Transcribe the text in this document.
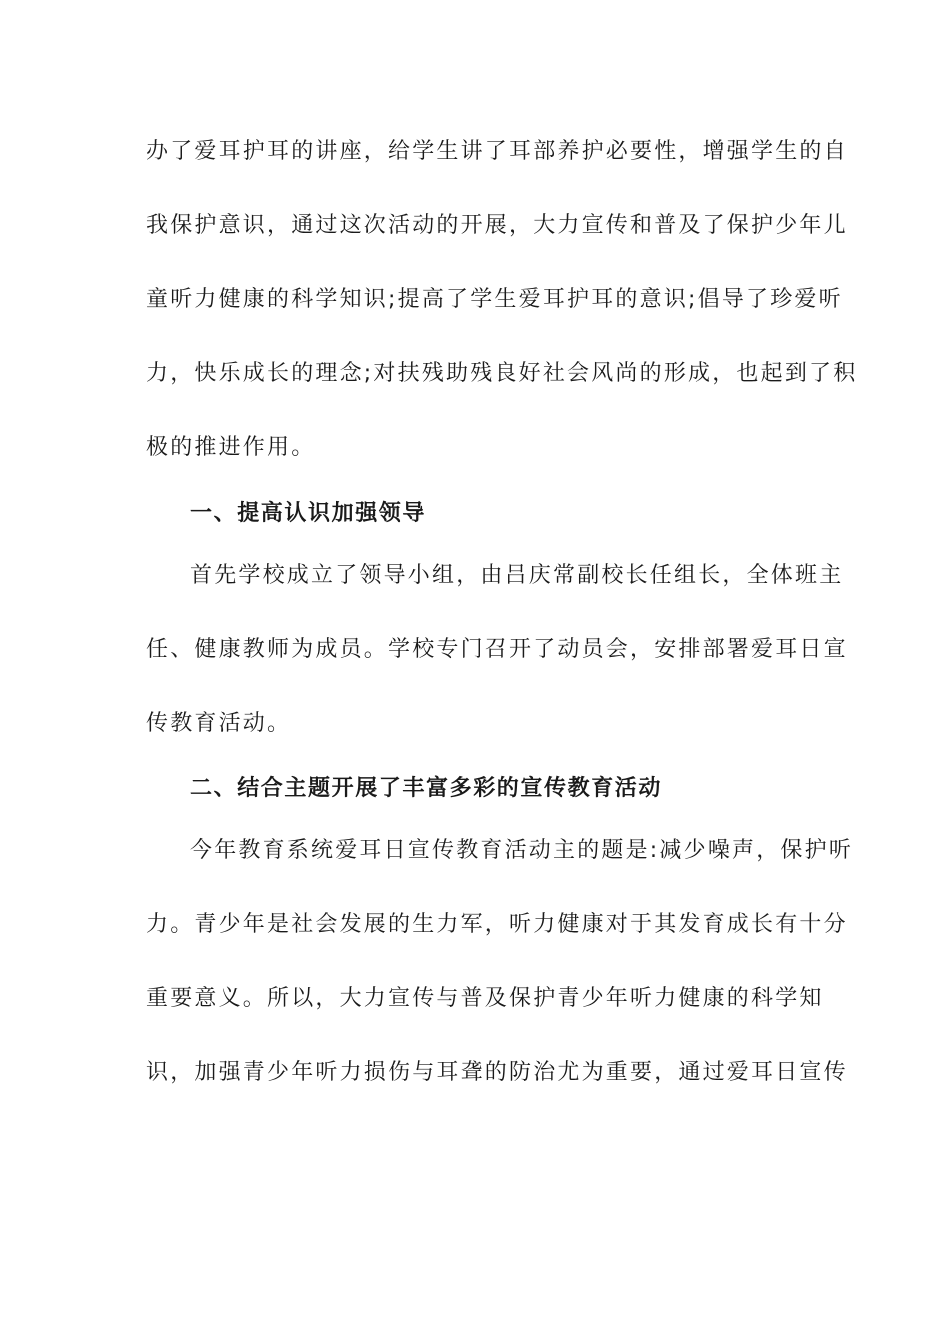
办了爱耳护耳的讲座，给学生讲了耳部养护必要性，增强学生的自
我保护意识，通过这次活动的开展，大力宣传和普及了保护少年儿
童听力健康的科学知识;提高了学生爱耳护耳的意识;倡导了珍爱听
力，快乐成长的理念;对扶残助残良好社会风尚的形成，也起到了积
极的推进作用。
一、提高认识加强领导
首先学校成立了领导小组，由吕庆常副校长任组长，全体班主
任、健康教师为成员。学校专门召开了动员会，安排部署爱耳日宣
传教育活动。
二、结合主题开展了丰富多彩的宣传教育活动
今年教育系统爱耳日宣传教育活动主的题是:减少噪声，保护听
力。青少年是社会发展的生力军，听力健康对于其发育成长有十分
重要意义。所以，大力宣传与普及保护青少年听力健康的科学知
识，加强青少年听力损伤与耳聋的防治尤为重要，通过爱耳日宣传
